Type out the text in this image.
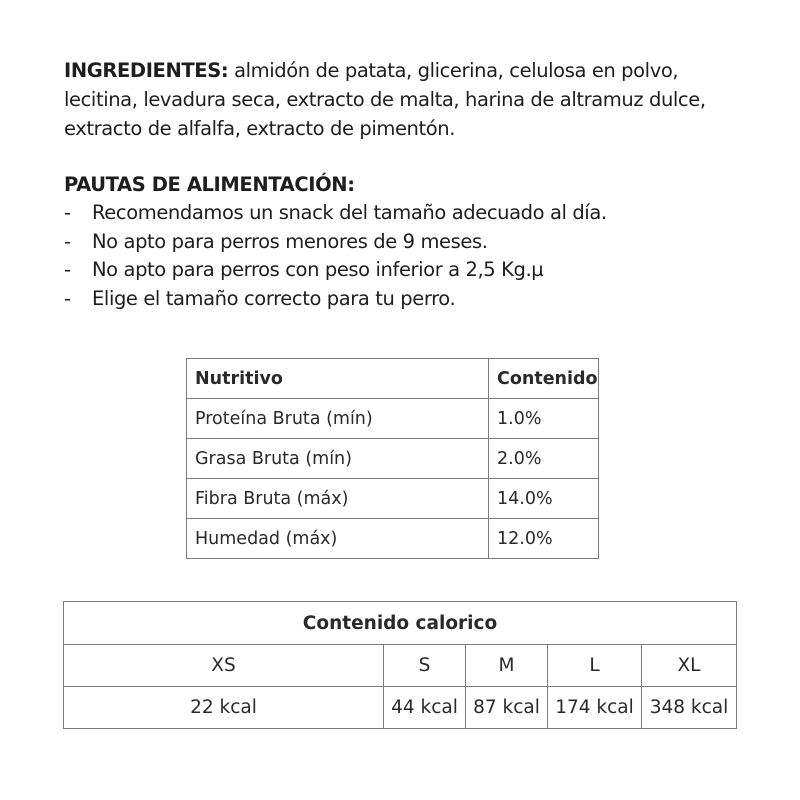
INGREDIENTES: almidón de patata, glicerina, celulosa en polvo, lecitina, levadura seca, extracto de malta, harina de altramuz dulce, extracto de alfalfa, extracto de pimentón.
PAUTAS DE ALIMENTACIÓN:
-	Recomendamos un snack del tamaño adecuado al día.
-	No apto para perros menores de 9 meses.
-	No apto para perros con peso inferior a 2,5 Kg.µ
-	Elige el tamaño correcto para tu perro.
Nutritivo	Contenido
Proteína Bruta (mín)	1.0%
Grasa Bruta (mín)	2.0%
Fibra Bruta (máx)	14.0%
Humedad (máx)	12.0%
Contenido calorico				
XS	S	M	L	XL
22 kcal	44 kcal	87 kcal	174 kcal	348 kcal
